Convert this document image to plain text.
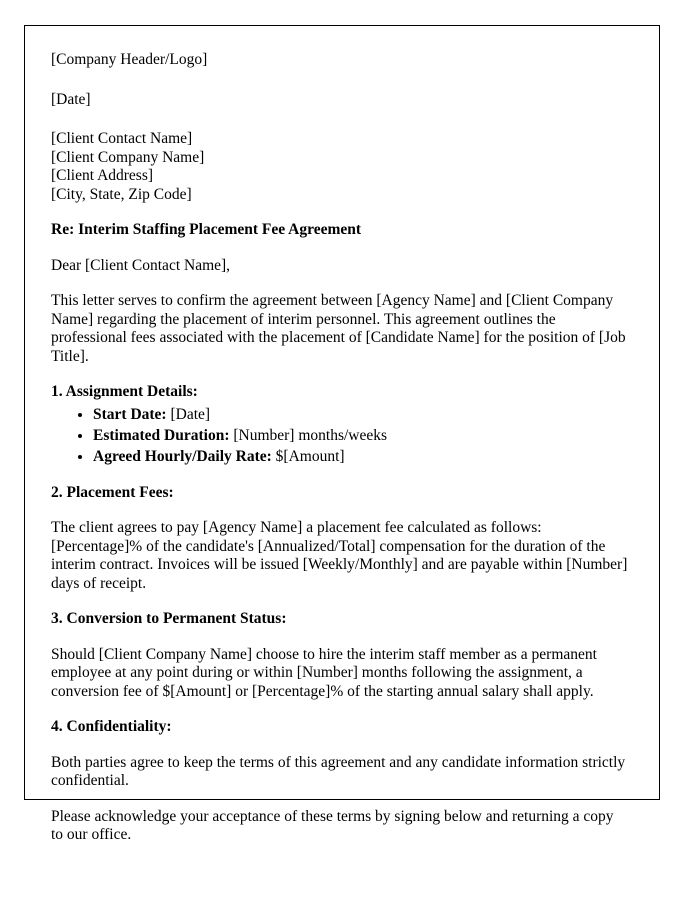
[Company Header/Logo]

[Date]

[Client Contact Name]

[Client Company Name]

[Client Address]

[City, State, Zip Code]

Re: Interim Staffing Placement Fee Agreement

Dear [Client Contact Name],

This letter serves to confirm the agreement between [Agency Name] and [Client Company Name] regarding the placement of interim personnel. This agreement outlines the professional fees associated with the placement of [Candidate Name] for the position of [Job Title].

1. Assignment Details:

• Start Date: [Date]
• Estimated Duration: [Number] months/weeks
• Agreed Hourly/Daily Rate: $[Amount]

2. Placement Fees:

The client agrees to pay [Agency Name] a placement fee calculated as follows: [Percentage]% of the candidate's [Annualized/Total] compensation for the duration of the interim contract. Invoices will be issued [Weekly/Monthly] and are payable within [Number] days of receipt.

3. Conversion to Permanent Status:

Should [Client Company Name] choose to hire the interim staff member as a permanent employee at any point during or within [Number] months following the assignment, a conversion fee of $[Amount] or [Percentage]% of the starting annual salary shall apply.

4. Confidentiality:

Both parties agree to keep the terms of this agreement and any candidate information strictly confidential.

Please acknowledge your acceptance of these terms by signing below and returning a copy

to our office.
